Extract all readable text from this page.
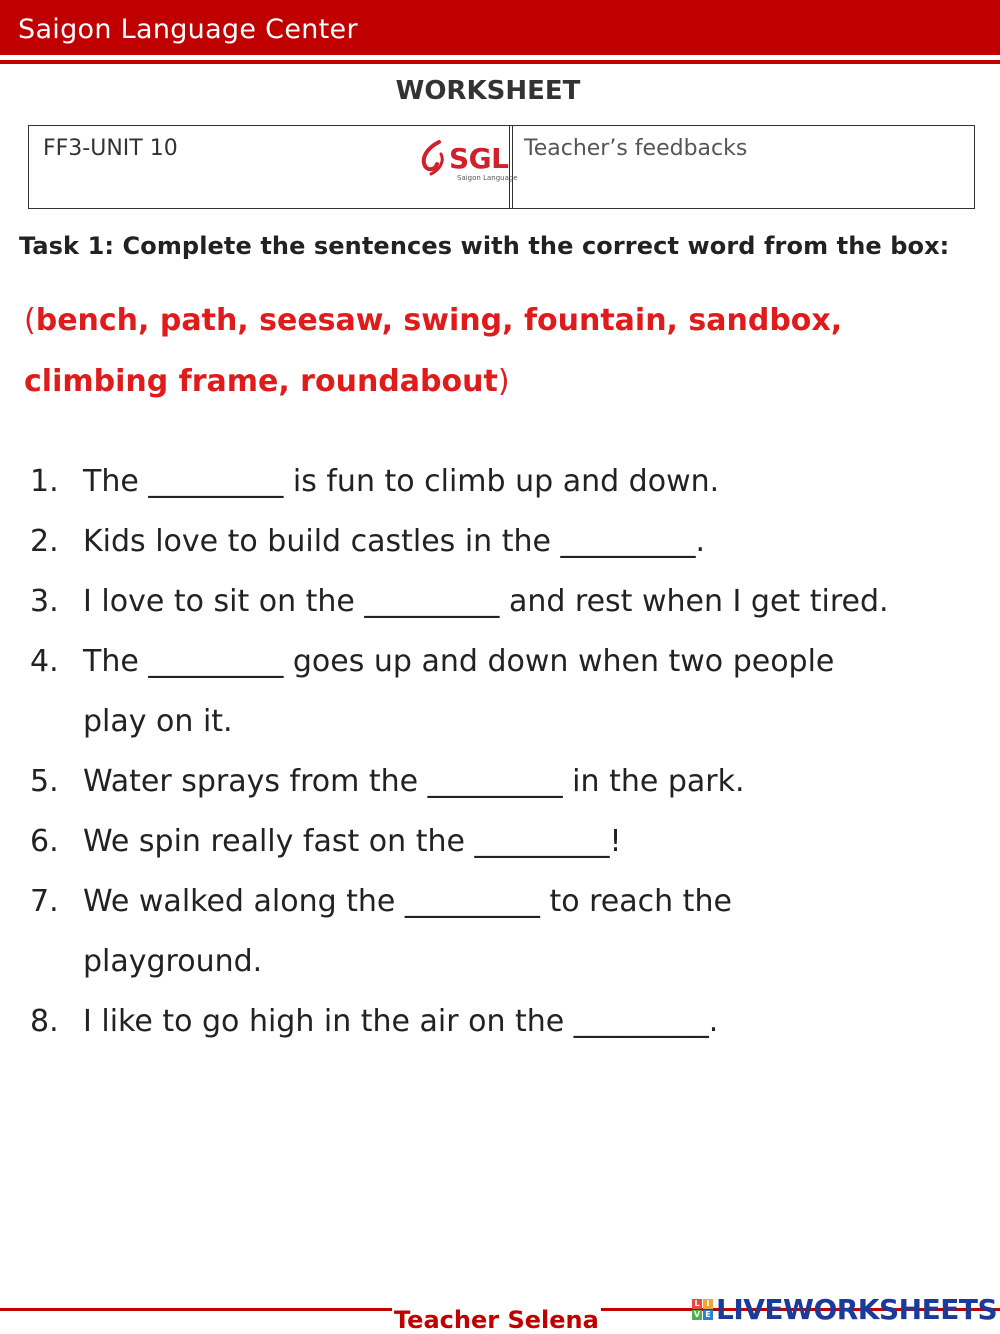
Saigon Language Center
WORKSHEET
FF3-UNIT 10	SGL
Saigon Language
Teacher’s feedbacks
Task 1: Complete the sentences with the correct word from the box:
(bench, path, seesaw, swing, fountain, sandbox, climbing frame, roundabout)
1. The _________ is fun to climb up and down.
2. Kids love to build castles in the _________.
3. I love to sit on the _________ and rest when I get tired.
4. The _________ goes up and down when two people play on it.
5. Water sprays from the _________ in the park.
6. We spin really fast on the _________!
7. We walked along the _________ to reach the playground.
8. I like to go high in the air on the _________.
Teacher Selena
L I
V E LIVEWORKSHEETS
